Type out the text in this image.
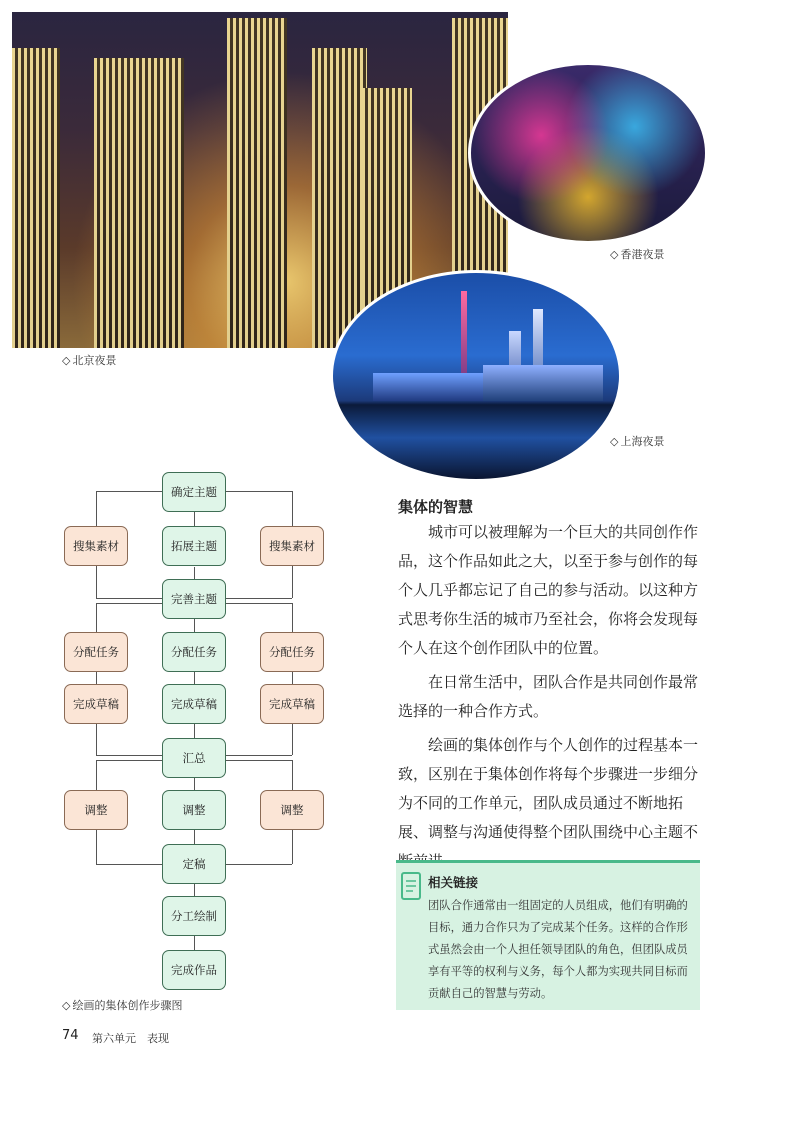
◇ 北京夜景
◇ 香港夜景
◇ 上海夜景
确定主题
搜集素材	拓展主题	搜集素材
完善主题
分配任务	分配任务	分配任务
完成草稿	完成草稿	完成草稿
汇总
调整	调整	调整
定稿
分工绘制
完成作品
◇ 绘画的集体创作步骤图
集体的智慧

城市可以被理解为一个巨大的共同创作作品，这个作品如此之大，以至于参与创作的每个人几乎都忘记了自己的参与活动。以这种方式思考你生活的城市乃至社会，你将会发现每个人在这个创作团队中的位置。

在日常生活中，团队合作是共同创作最常选择的一种合作方式。

绘画的集体创作与个人创作的过程基本一致，区别在于集体创作将每个步骤进一步细分为不同的工作单元，团队成员通过不断地拓展、调整与沟通使得整个团队围绕中心主题不

相关链接

团队合作通常由一组固定的人员组成，他们有明确的目标，通力合作只为了完成某个任务。这样的合作形式虽然会由一个人担任领导团队的角色，但团队成员享有平等的权利与义务，每个人都为实现共同目标而贡献自己的智慧与劳动。

74 第六单元　表现
